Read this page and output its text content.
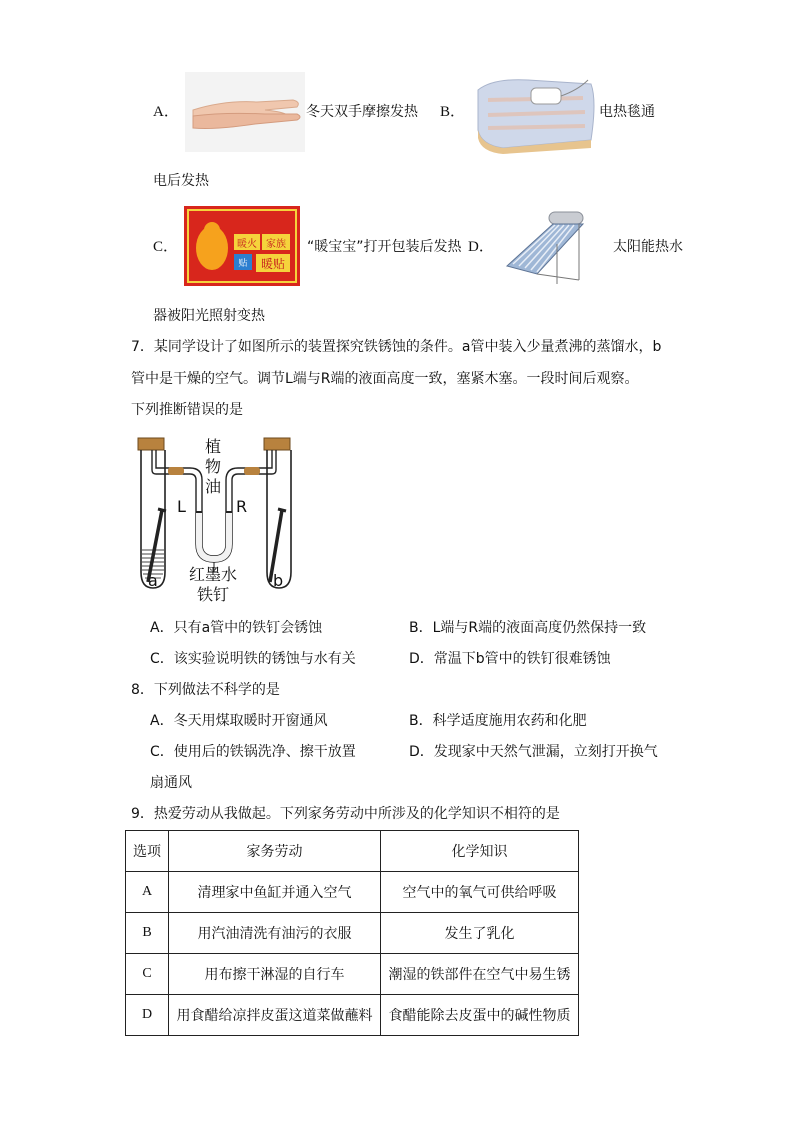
A．	冬天双手摩擦发热 B．	电热毯通
电后发热
C．	暖火 家族
贴 暖贴
“暖宝宝”打开包装后发热 D．	太阳能热水
器被阳光照射变热
7．某同学设计了如图所示的装置探究铁锈蚀的条件。a管中装入少量煮沸的蒸馏水，b
管中是干燥的空气。调节L端与R端的液面高度一致，塞紧木塞。一段时间后观察。
下列推断错误的是
植
物
油
L	R
红墨水
铁钉
a	b
A．只有a管中的铁钉会锈蚀	B．L端与R端的液面高度仍然保持一致
C．该实验说明铁的锈蚀与水有关	D．常温下b管中的铁钉很难锈蚀
8．下列做法不科学的是
A．冬天用煤取暖时开窗通风	B．科学适度施用农药和化肥
C．使用后的铁锅洗净、擦干放置	D．发现家中天然气泄漏，立刻打开换气
扇通风
9．热爱劳动从我做起。下列家务劳动中所涉及的化学知识不相符的是
选项	家务劳动	化学知识
A	清理家中鱼缸并通入空气	空气中的氧气可供给呼吸
B	用汽油清洗有油污的衣服	发生了乳化
C	用布擦干淋湿的自行车	潮湿的铁部件在空气中易生锈
D	用食醋给凉拌皮蛋这道菜做蘸料	食醋能除去皮蛋中的碱性物质
